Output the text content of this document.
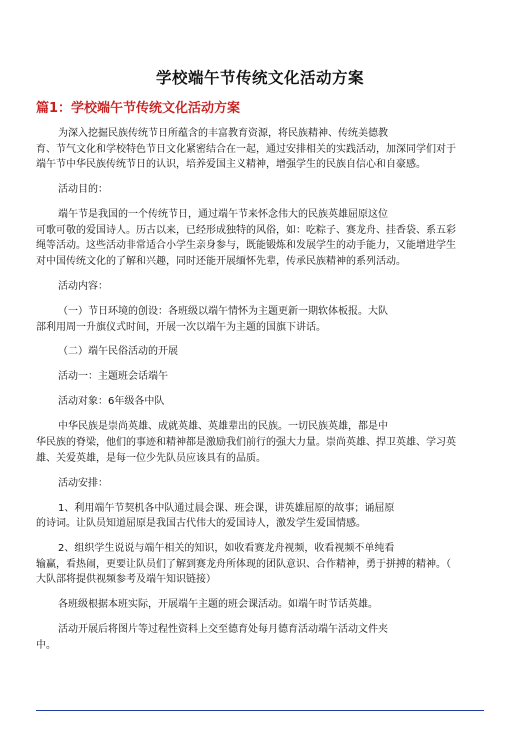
学校端午节传统文化活动方案
篇1：学校端午节传统文化活动方案
为深入挖掘民族传统节日所蕴含的丰富教育资源，将民族精神、传统美德教
育、节气文化和学校特色节日文化紧密结合在一起，通过安排相关的实践活动，加深同学们对于
端午节中华民族传统节日的认识，培养爱国主义精神，增强学生的民族自信心和自豪感。
活动目的：
端午节是我国的一个传统节日，通过端午节来怀念伟大的民族英雄屈原这位
可歌可敬的爱国诗人。历古以来，已经形成独特的风俗，如：吃粽子、赛龙舟、挂香袋、系五彩
绳等活动。这些活动非常适合小学生亲身参与，既能锻炼和发展学生的动手能力，又能增进学生
对中国传统文化的了解和兴趣，同时还能开展缅怀先辈，传承民族精神的系列活动。
活动内容：
（一）节日环境的创设：各班级以端午情怀为主题更新一期软体板报。大队
部利用周一升旗仪式时间，开展一次以端午为主题的国旗下讲话。
（二）端午民俗活动的开展
活动一：主题班会话端午
活动对象：6年级各中队
中华民族是崇尚英雄、成就英雄、英雄辈出的民族。一切民族英雄，都是中
华民族的脊梁，他们的事迹和精神都是激励我们前行的强大力量。崇尚英雄、捍卫英雄、学习英
雄、关爱英雄，是每一位少先队员应该具有的品质。
活动安排：
1、利用端午节契机各中队通过晨会课、班会课，讲英雄屈原的故事；诵屈原
的诗词。让队员知道屈原是我国古代伟大的爱国诗人，激发学生爱国情感。
2、组织学生说说与端午相关的知识，如收看赛龙舟视频，收看视频不单纯看
输赢，看热闹，更要让队员们了解到赛龙舟所体现的团队意识、合作精神，勇于拼搏的精神。（
大队部将提供视频参考及端午知识链接）
各班级根据本班实际，开展端午主题的班会课活动。如端午时节话英雄。
活动开展后将图片等过程性资料上交至德育处每月德育活动端午活动文件夹
中。
